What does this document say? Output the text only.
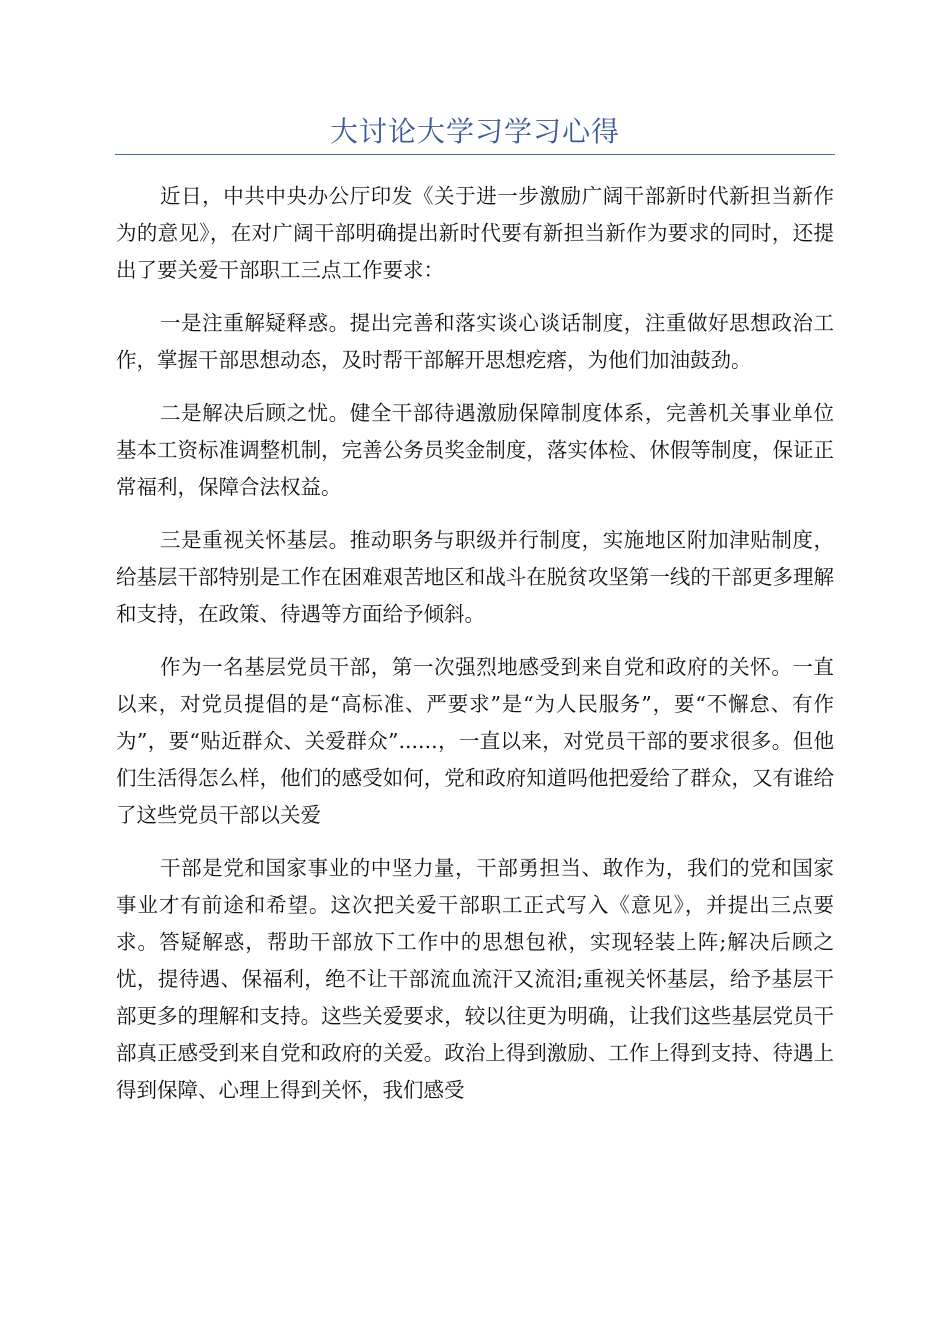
大讨论大学习学习心得

近日，中共中央办公厅印发《关于进一步激励广阔干部新时代新担当新作为的意见》，在对广阔干部明确提出新时代要有新担当新作为要求的同时，还提出了要关爱干部职工三点工作要求：

一是注重解疑释惑。提出完善和落实谈心谈话制度，注重做好思想政治工作，掌握干部思想动态，及时帮干部解开思想疙瘩，为他们加油鼓劲。

二是解决后顾之忧。健全干部待遇激励保障制度体系，完善机关事业单位基本工资标准调整机制，完善公务员奖金制度，落实体检、休假等制度，保证正常福利，保障合法权益。

三是重视关怀基层。推动职务与职级并行制度，实施地区附加津贴制度，给基层干部特别是工作在困难艰苦地区和战斗在脱贫攻坚第一线的干部更多理解和支持，在政策、待遇等方面给予倾斜。

作为一名基层党员干部，第一次强烈地感受到来自党和政府的关怀。一直以来，对党员提倡的是“高标准、严要求”是“为人民服务”，要“不懈怠、有作为”，要“贴近群众、关爱群众”......，一直以来，对党员干部的要求很多。但他们生活得怎么样，他们的感受如何，党和政府知道吗他把爱给了群众，又有谁给了这些党员干部以关爱

干部是党和国家事业的中坚力量，干部勇担当、敢作为，我们的党和国家事业才有前途和希望。这次把关爱干部职工正式写入《意见》，并提出三点要求。答疑解惑，帮助干部放下工作中的思想包袱，实现轻装上阵;解决后顾之忧，提待遇、保福利，绝不让干部流血流汗又流泪;重视关怀基层，给予基层干部更多的理解和支持。这些关爱要求，较以往更为明确，让我们这些基层党员干部真正感受到来自党和政府的关爱。政治上得到激励、工作上得到支持、待遇上得到保障、心理上得到关怀，我们感受
